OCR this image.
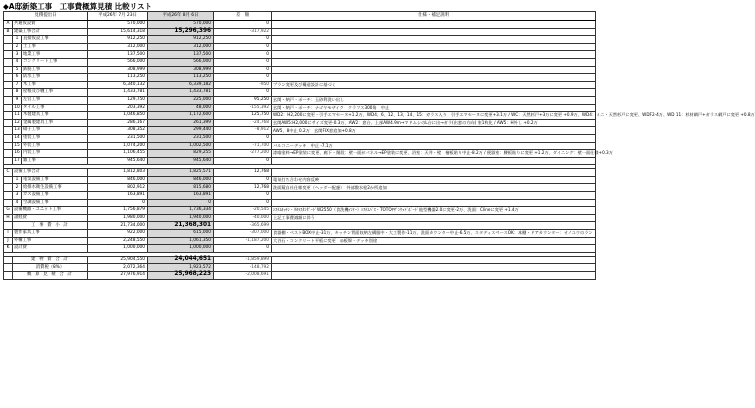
◆A邸新築工事　工事費概算見積 比較リスト
見積提出日			平成26年 7月 23日	平成26年 8月 6日	差　額	仕様・補足説明
A	共通仮設費		570,000	570,000	0	
B	建築工事合計		15,614,318	15,296,396	-317,922	
	1	直接仮設工事	912,250	912,250	0	
	2	土工事	312,000	312,000	0	
	3	地業工事	137,500	137,500	0	
	4	コンクリート工事	566,000	566,000	0	
	5	鉄筋工事	308,999	308,999	0	
	6	防水工事	113,250	113,250	0	
	7	木工事	6,340,132	6,339,182	-950	プラン変更及び構造設計に基づく
	8	屋根及び樋工事	1,433,781	1,433,781	0	
	9	左官工事	129,750	225,000	95,250	玄関・納戸・ポーチ：玉砂利洗い出し
	10	タイル工事	203,392	48,000	-155,392	玄関・納戸・ポーチ：ナゴヤモザイク　クラフス300角　中止
	11	木製建具工事	1,046,850	1,172,600	125,750	WD2：H2,200に変更・引手エマセーヌ+1.2万、WD4、6、12、13、14、15：ガラス入り　引手エマセーヌに変更+3.1万 / WC：天然杉戸+3万に変更 +0.9万、WD4：ミニ・天然杉戸に変更、WDF2-4万、WD 11：杉材網戸+ガラス網戸に変更 +0.8万
	12	金属製建具工事	286,167	261,399	-24,768	玄関AW5:H2,000にサイズ変更-0.3万、AW2：窓台、上部AW4.9m→マドムシのL台に出→ガラ(出窓の方向) 室1枚化 / AW5：H外し +0.2万
	13	硝子工事	308,352	299,440	-8,912	AW5、8中止 0.2万　玄関FIX窓追加+0.8万
	14	塗装工事	231,500	231,500	0	
	15	外装工事	1,074,200	1,002,500	-71,700	バルコニーデッキ　中止 -7.1万
	16	内装工事	1,106,455	829,255	-277,200	漆喰塗料→EP塗装に変更、廊下・階段：壁一面がパネル→EP塗装に変更、浴室：天井・壁　檜板貼り中止-8.2万 / 便器室：腰板貼りに変更 +1.2万、ダイニング：壁一面仕様+0.3万
	17	雑工事	945,640	945,640	0	

C	設備工事合計		1,812,803	1,825,571	12,768	
	1	電気設備工事	846,000	846,000	0	電気打ち合わせ内容反映
	2	給排水衛生設備工事	802,912	815,680	12,768	洗面鏡自社仕様変更（ヘッダー配慮）　外部散水栓2か所追加
	3	ガス設備工事	163,891	163,891	0	
	4	空調設備工事	0	0	0	
G	設備機器・ユニット工事		1,756,879	1,736,334	-20,545	ｼｽﾃﾑｷｯﾁﾝ・ﾀｶﾗｽﾀﾝﾀﾞｰﾄﾞW2550（食洗機ｲﾝﾅｰ）ｼｽﾃﾑﾊﾞｽ・TOTOｻｻﾞﾝｳｯﾄﾞﾎﾞｰﾄﾞ他型機器2.0に変更-2万、洗面：Clineに変更 +1.4万
H	諸経費		1,980,000	1,940,000	-40,000	上記工事費減額に伴う
	工 事 費 小 計		21,734,000	21,368,301	-365,699	
I	製作家具工事		922,000	615,000	-307,000	食器棚・ベストBOX中止-31万、キッチン背面収納左構服中・大工製作-11万、洗面カウンター中止-6.5万、スタディスペースOK：本棚・ドアカウンター：オノユウのラン
J	外構工事		2,248,550	1,061,350	-1,187,200	大谷石・コンクリート平板に変更　◎板塀・デッキ別途
K	設計費		1,000,000	1,000,000	0	

	建 物 費 合 計		25,904,550	24,044,651	-1,859,899	
	消費税（8%）		2,072,364	1,923,572	-148,792	
	概 算 見 積 合 計		27,976,914	25,968,223	-2,008,691	
